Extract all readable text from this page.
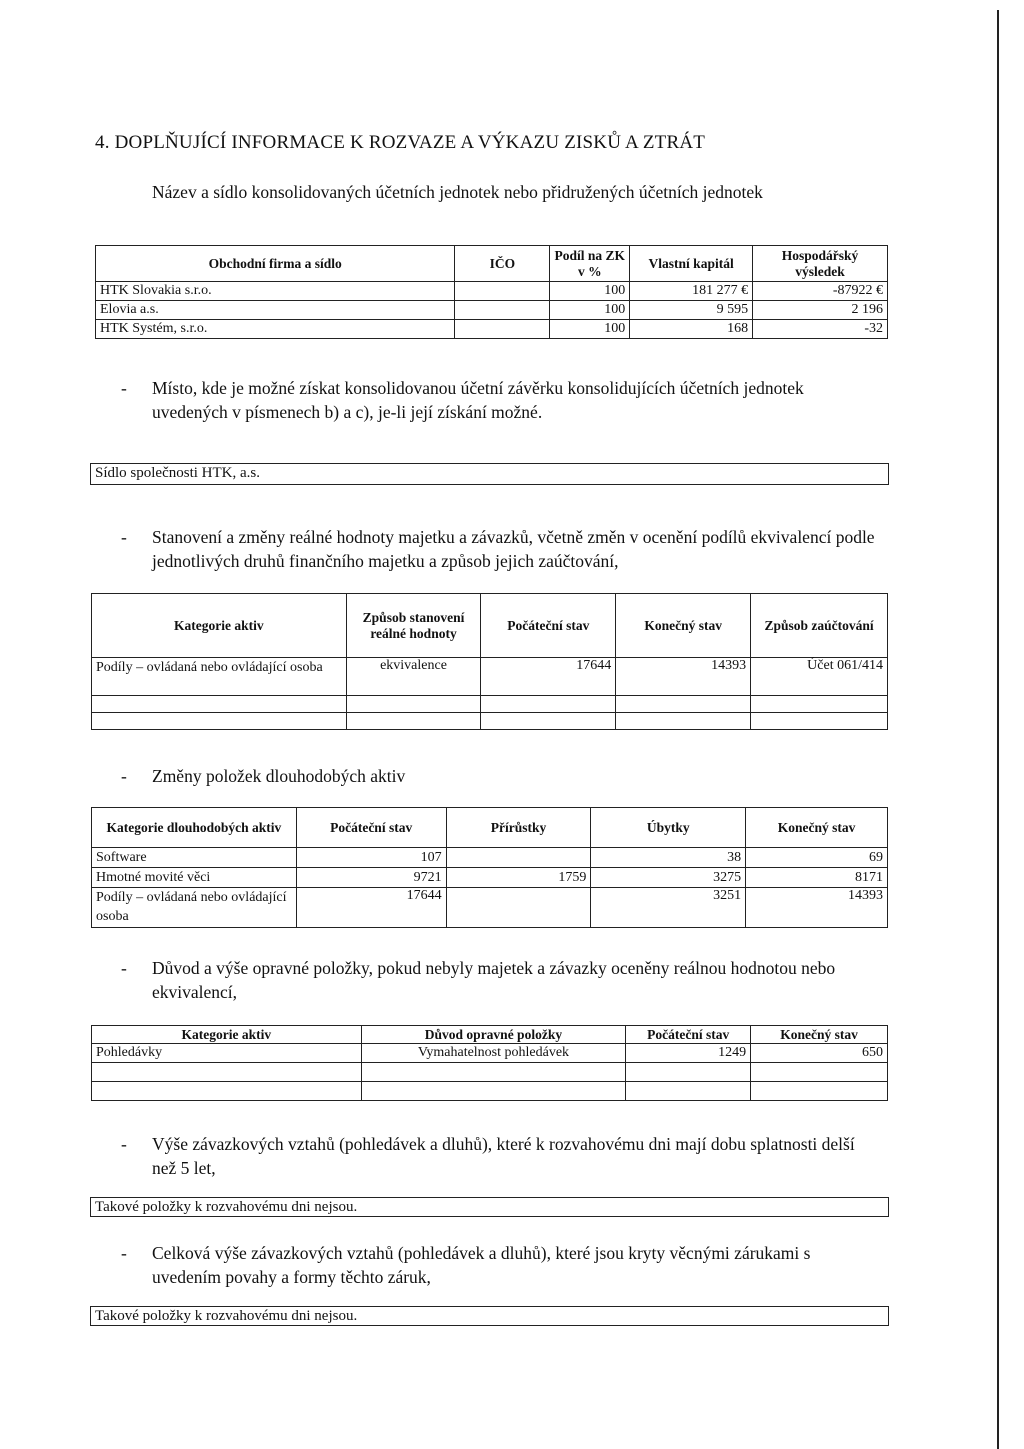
4. DOPLŇUJÍCÍ INFORMACE K ROZVAZE A VÝKAZU ZISKŮ A ZTRÁT
Název a sídlo konsolidovaných účetních jednotek nebo přidružených účetních jednotek
Obchodní firma a sídlo	IČO	Podíl na ZK v %	Vlastní kapitál	Hospodářský výsledek
HTK Slovakia s.r.o.		100	181 277 €	-87922 €
Elovia a.s.		100	9 595	2 196
HTK Systém, s.r.o.		100	168	-32
- Místo, kde je možné získat konsolidovanou účetní závěrku konsolidujících účetních jednotek uvedených v písmenech b) a c), je-li její získání možné.
Sídlo společnosti HTK, a.s.
- Stanovení a změny reálné hodnoty majetku a závazků, včetně změn v ocenění podílů ekvivalencí podle jednotlivých druhů finančního majetku a způsob jejich zaúčtování,
Kategorie aktiv	Způsob stanovení reálné hodnoty	Počáteční stav	Konečný stav	Způsob zaúčtování
Podíly – ovládaná nebo ovládající osoba	ekvivalence	17644	14393	Účet 061/414

- Změny položek dlouhodobých aktiv
Kategorie dlouhodobých aktiv	Počáteční stav	Přírůstky	Úbytky	Konečný stav
Software	107		38	69
Hmotné movité věci	9721	1759	3275	8171
Podíly – ovládaná nebo ovládající osoba	17644		3251	14393
- Důvod a výše opravné položky, pokud nebyly majetek a závazky oceněny reálnou hodnotou nebo ekvivalencí,
Kategorie aktiv	Důvod opravné položky	Počáteční stav	Konečný stav
Pohledávky	Vymahatelnost pohledávek	1249	650

- Výše závazkových vztahů (pohledávek a dluhů), které k rozvahovému dni mají dobu splatnosti delší než 5 let,
Takové položky k rozvahovému dni nejsou.
- Celková výše závazkových vztahů (pohledávek a dluhů), které jsou kryty věcnými zárukami s uvedením povahy a formy těchto záruk,
Takové položky k rozvahovému dni nejsou.
